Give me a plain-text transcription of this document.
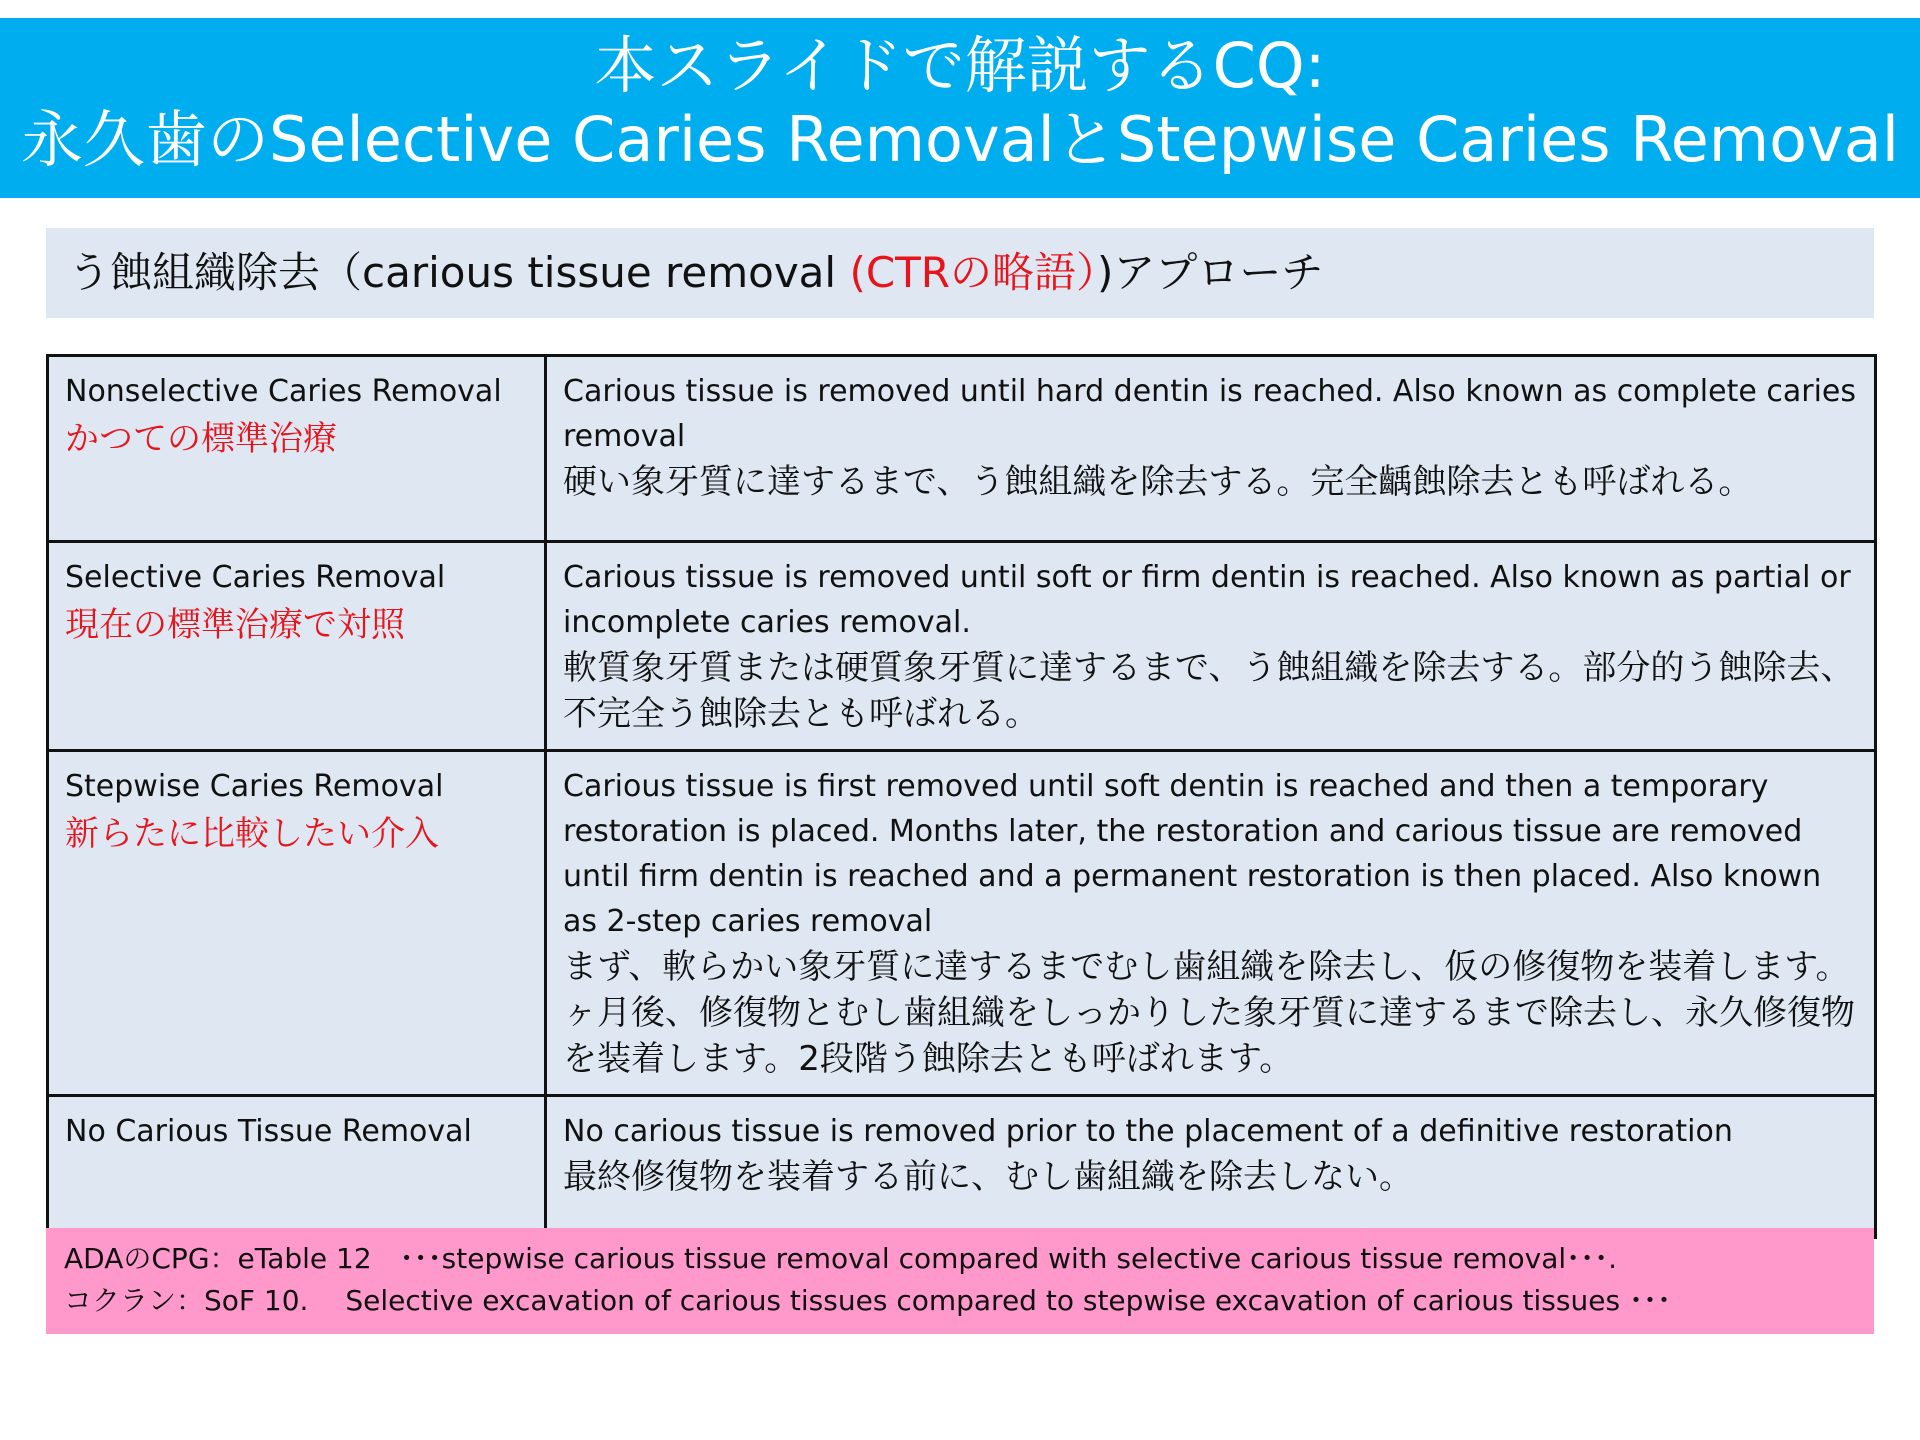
本スライドで解説するCQ:
永久歯のSelective Caries RemovalとStepwise Caries Removal
う蝕組織除去（carious tissue removal (CTRの略語）)アプローチ
Nonselective Caries Removal
かつての標準治療	Carious tissue is removed until hard dentin is reached. Also known as complete caries removal
硬い象牙質に達するまで、う蝕組織を除去する。完全齲蝕除去とも呼ばれる。

Selective Caries Removal
現在の標準治療で対照	Carious tissue is removed until soft or firm dentin is reached. Also known as partial or incomplete caries removal.
軟質象牙質または硬質象牙質に達するまで、う蝕組織を除去する。部分的う蝕除去、不完全う蝕除去とも呼ばれる。

Stepwise Caries Removal
新らたに比較したい介入	Carious tissue is first removed until soft dentin is reached and then a temporary restoration is placed. Months later, the restoration and carious tissue are removed until firm dentin is reached and a permanent restoration is then placed. Also known as 2-step caries removal
まず、軟らかい象牙質に達するまでむし歯組織を除去し、仮の修復物を装着します。ヶ月後、修復物とむし歯組織をしっかりした象牙質に達するまで除去し、永久修復物を装着します。2段階う蝕除去とも呼ばれます。

No Carious Tissue Removal	No carious tissue is removed prior to the placement of a definitive restoration
最終修復物を装着する前に、むし歯組織を除去しない。
ADAのCPG：eTable 12　･･･stepwise carious tissue removal compared with selective carious tissue removal･･･.
コクラン：SoF 10.　 Selective excavation of carious tissues compared to stepwise excavation of carious tissues ･･･
